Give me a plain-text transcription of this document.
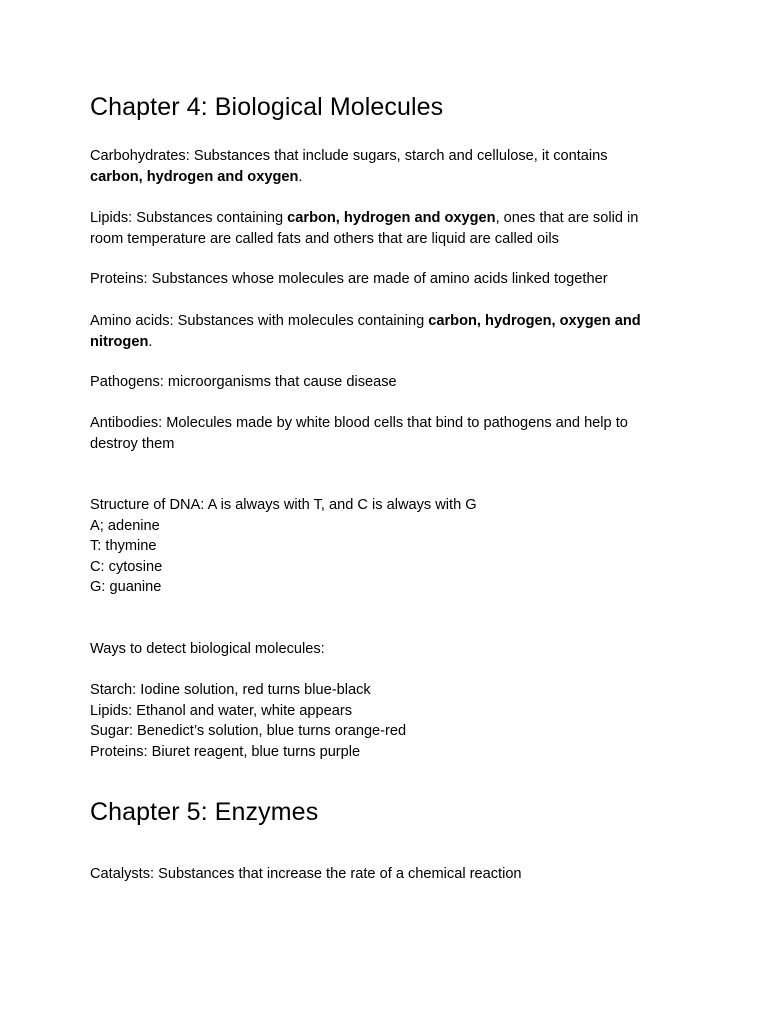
Chapter 4: Biological Molecules

Carbohydrates: Substances that include sugars, starch and cellulose, it contains
carbon, hydrogen and oxygen.

Lipids: Substances containing carbon, hydrogen and oxygen, ones that are solid in
room temperature are called fats and others that are liquid are called oils

Proteins: Substances whose molecules are made of amino acids linked together

Amino acids: Substances with molecules containing carbon, hydrogen, oxygen and
nitrogen.

Pathogens: microorganisms that cause disease

Antibodies: Molecules made by white blood cells that bind to pathogens and help to
destroy them

Structure of DNA: A is always with T, and C is always with G
A; adenine
T: thymine
C: cytosine
G: guanine

Ways to detect biological molecules:

Starch: Iodine solution, red turns blue-black
Lipids: Ethanol and water, white appears
Sugar: Benedict’s solution, blue turns orange-red
Proteins: Biuret reagent, blue turns purple

Chapter 5: Enzymes

Catalysts: Substances that increase the rate of a chemical reaction
